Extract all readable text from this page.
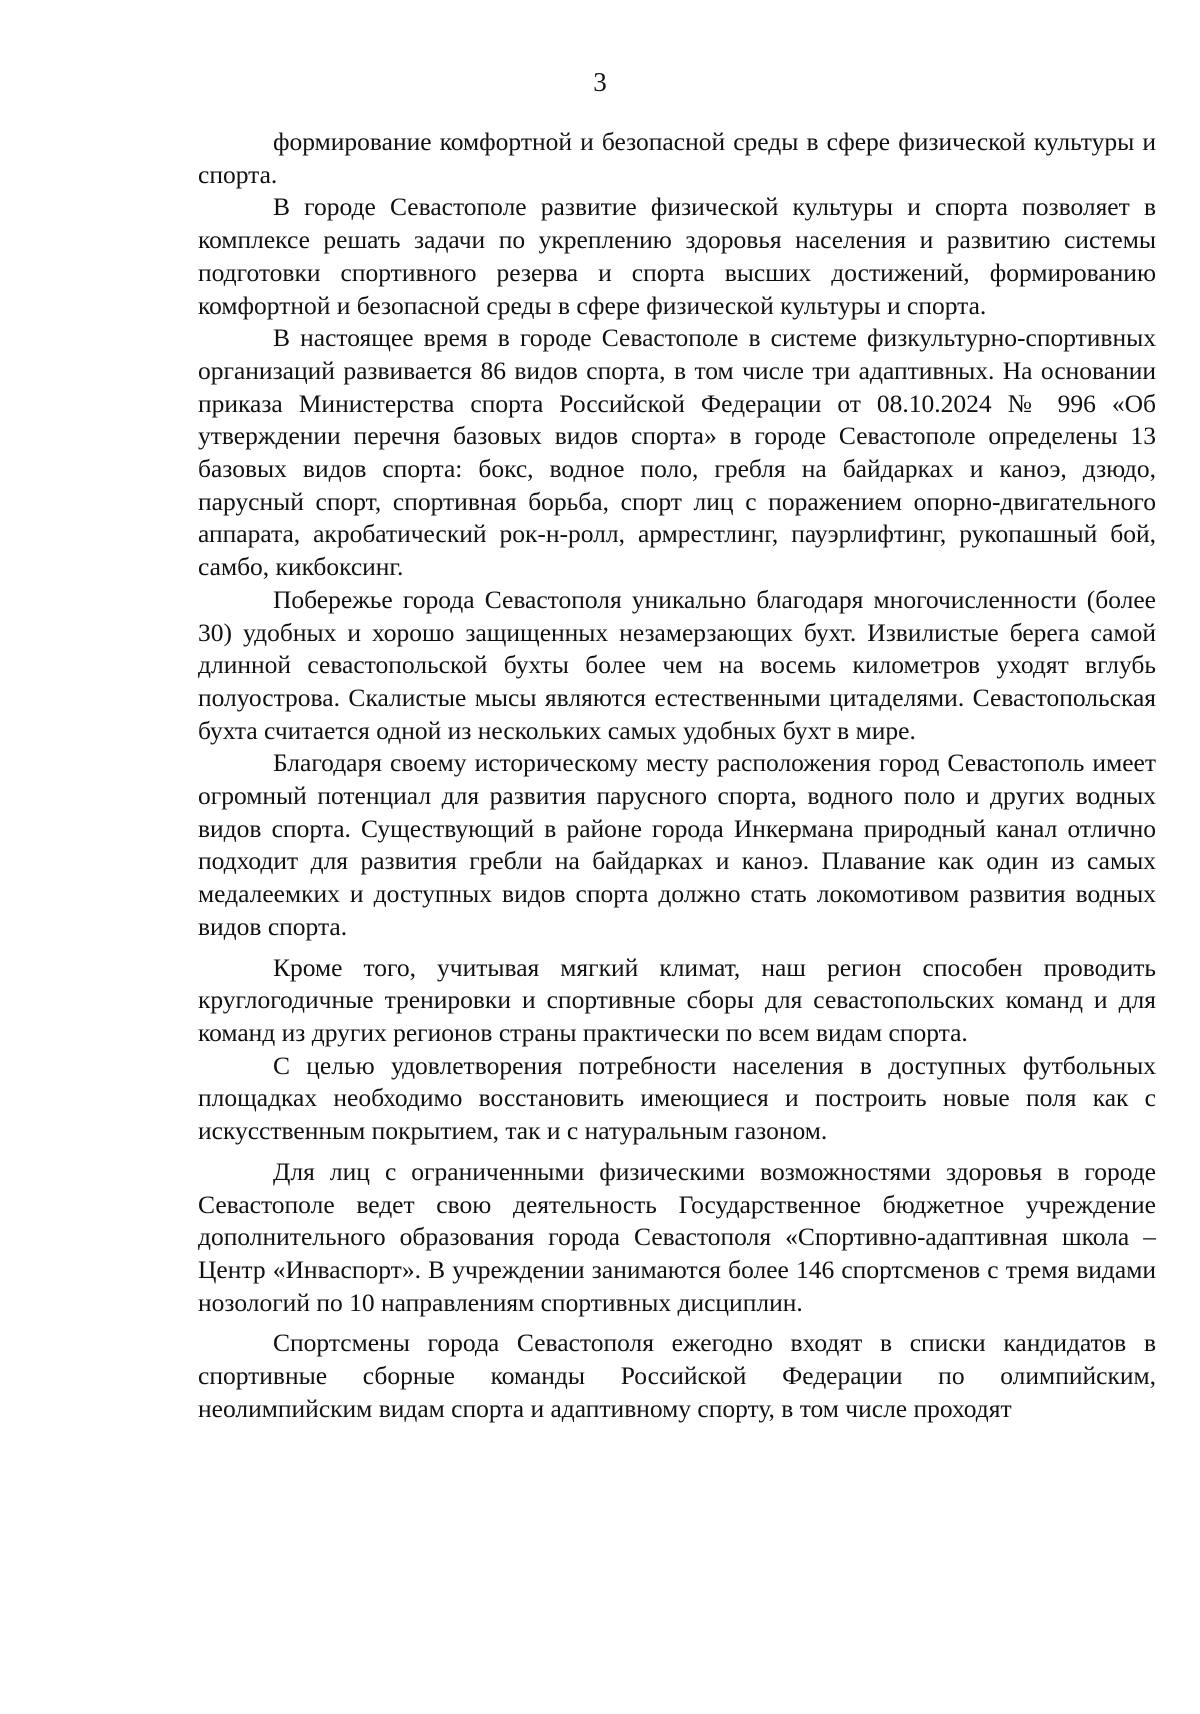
3

формирование комфортной и безопасной среды в сфере физической культуры и спорта.

В городе Севастополе развитие физической культуры и спорта позволяет в комплексе решать задачи по укреплению здоровья населения и развитию системы подготовки спортивного резерва и спорта высших достижений, формированию комфортной и безопасной среды в сфере физической культуры и спорта.

В настоящее время в городе Севастополе в системе физкультурно-спортивных организаций развивается 86 видов спорта, в том числе три адаптивных. На основании приказа Министерства спорта Российской Федерации от 08.10.2024 № 996 «Об утверждении перечня базовых видов спорта» в городе Севастополе определены 13 базовых видов спорта: бокс, водное поло, гребля на байдарках и каноэ, дзюдо, парусный спорт, спортивная борьба, спорт лиц с поражением опорно-двигательного аппарата, акробатический рок-н-ролл, армрестлинг, пауэрлифтинг, рукопашный бой, самбо, кикбоксинг.

Побережье города Севастополя уникально благодаря многочисленности (более 30) удобных и хорошо защищенных незамерзающих бухт. Извилистые берега самой длинной севастопольской бухты более чем на восемь километров уходят вглубь полуострова. Скалистые мысы являются естественными цитаделями. Севастопольская бухта считается одной из нескольких самых удобных бухт в мире.

Благодаря своему историческому месту расположения город Севастополь имеет огромный потенциал для развития парусного спорта, водного поло и других водных видов спорта. Существующий в районе города Инкермана природный канал отлично подходит для развития гребли на байдарках и каноэ. Плавание как один из самых медалеемких и доступных видов спорта должно стать локомотивом развития водных видов спорта.

Кроме того, учитывая мягкий климат, наш регион способен проводить круглогодичные тренировки и спортивные сборы для севастопольских команд и для команд из других регионов страны практически по всем видам спорта.

С целью удовлетворения потребности населения в доступных футбольных площадках необходимо восстановить имеющиеся и построить новые поля как с искусственным покрытием, так и с натуральным газоном.

Для лиц с ограниченными физическими возможностями здоровья в городе Севастополе ведет свою деятельность Государственное бюджетное учреждение дополнительного образования города Севастополя «Спортивно-адаптивная школа – Центр «Инваспорт». В учреждении занимаются более 146 спортсменов с тремя видами нозологий по 10 направлениям спортивных дисциплин.

Спортсмены города Севастополя ежегодно входят в списки кандидатов в спортивные сборные команды Российской Федерации по олимпийским, неолимпийским видам спорта и адаптивному спорту, в том числе проходят
